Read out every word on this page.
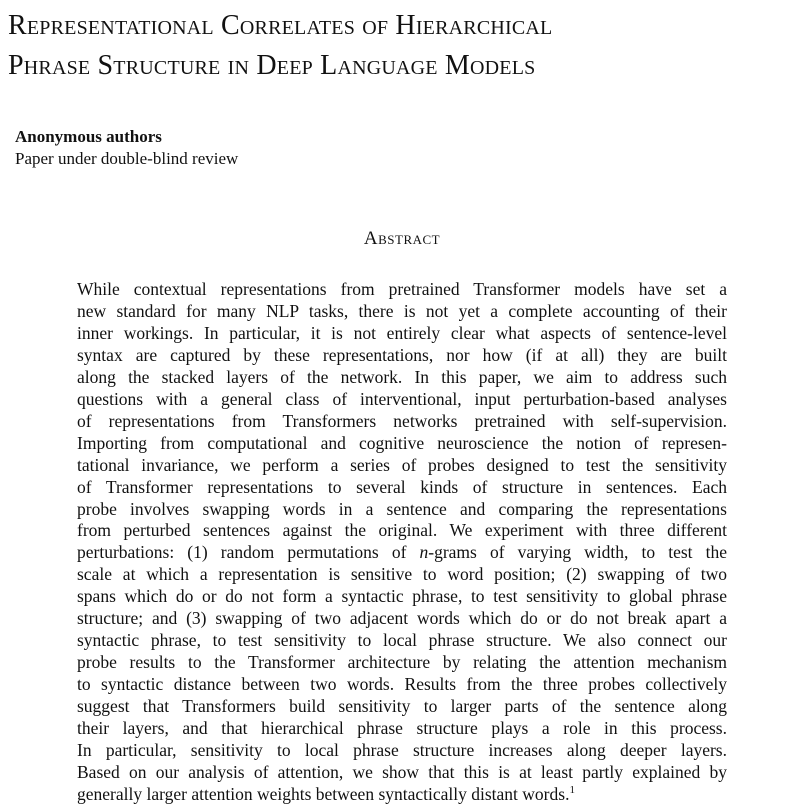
Representational Correlates of Hierarchical
Phrase Structure in Deep Language Models
Anonymous authors
Paper under double-blind review
Abstract
While contextual representations from pretrained Transformer models have set a
new standard for many NLP tasks, there is not yet a complete accounting of their
inner workings. In particular, it is not entirely clear what aspects of sentence-level
syntax are captured by these representations, nor how (if at all) they are built
along the stacked layers of the network. In this paper, we aim to address such
questions with a general class of interventional, input perturbation-based analyses
of representations from Transformers networks pretrained with self-supervision.
Importing from computational and cognitive neuroscience the notion of represen-
tational invariance, we perform a series of probes designed to test the sensitivity
of Transformer representations to several kinds of structure in sentences. Each
probe involves swapping words in a sentence and comparing the representations
from perturbed sentences against the original. We experiment with three different
perturbations: (1) random permutations of n-grams of varying width, to test the
scale at which a representation is sensitive to word position; (2) swapping of two
spans which do or do not form a syntactic phrase, to test sensitivity to global phrase
structure; and (3) swapping of two adjacent words which do or do not break apart a
syntactic phrase, to test sensitivity to local phrase structure. We also connect our
probe results to the Transformer architecture by relating the attention mechanism
to syntactic distance between two words. Results from the three probes collectively
suggest that Transformers build sensitivity to larger parts of the sentence along
their layers, and that hierarchical phrase structure plays a role in this process.
In particular, sensitivity to local phrase structure increases along deeper layers.
Based on our analysis of attention, we show that this is at least partly explained by
generally larger attention weights between syntactically distant words.$^1$
